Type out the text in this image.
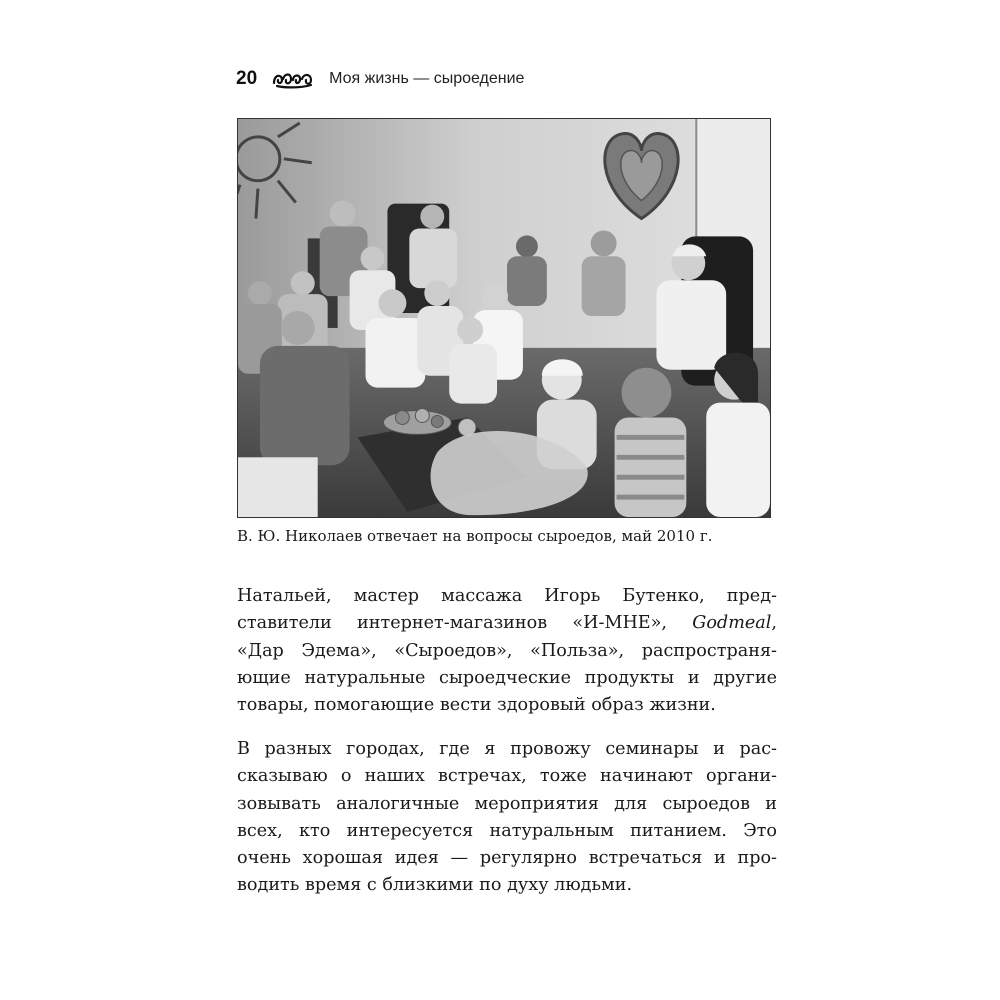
20	Моя жизнь — сыроедение
В. Ю. Николаев отвечает на вопросы сыроедов, май 2010 г.
Натальей, мастер массажа Игорь Бутенко, пред-
ставители интернет-магазинов «И-МНЕ», Godmeal,
«Дар Эдема», «Сыроедов», «Польза», распространя-
ющие натуральные сыроедческие продукты и другие
товары, помогающие вести здоровый образ жизни.
В разных городах, где я провожу семинары и рас-
сказываю о наших встречах, тоже начинают органи-
зовывать аналогичные мероприятия для сыроедов и
всех, кто интересуется натуральным питанием. Это
очень хорошая идея — регулярно встречаться и про-
водить время с близкими по духу людьми.
